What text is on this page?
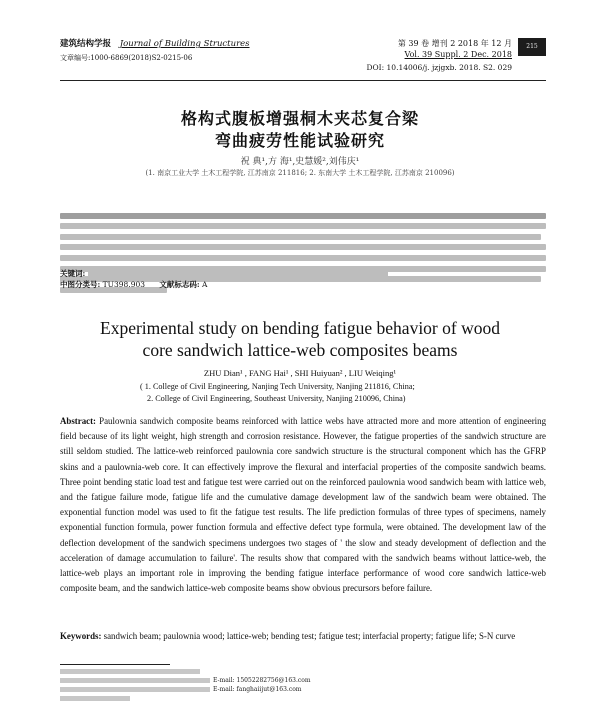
建筑结构学报 Journal of Building Structures
文章编号:1000-6869(2018)S2-0215-06
第 39 卷 增刊 2 2018 年 12 月
Vol. 39 Suppl. 2 Dec. 2018
DOI: 10.14006/j. jzjgxb. 2018. S2. 029
215
格构式腹板增强桐木夹芯复合梁
弯曲疲劳性能试验研究
祝 典¹,方 海¹,史慧媛²,刘伟庆¹
(1. 南京工业大学 土木工程学院, 江苏南京 211816; 2. 东南大学 土木工程学院, 江苏南京 210096)
关键词:
中图分类号: TU398.903 文献标志码: A
Experimental study on bending fatigue behavior of wood
core sandwich lattice-web composites beams
ZHU Dian¹ , FANG Hai¹ , SHI Huiyuan² , LIU Weiqing¹
( 1. College of Civil Engineering, Nanjing Tech University, Nanjing 211816, China;
2. College of Civil Engineering, Southeast University, Nanjing 210096, China)
Abstract: Paulownia sandwich composite beams reinforced with lattice webs have attracted more and more attention of engineering field because of its light weight, high strength and corrosion resistance. However, the fatigue properties of the sandwich structure are still seldom studied. The lattice-web reinforced paulownia core sandwich structure is the structural component which has the GFRP skins and a paulownia-web core. It can effectively improve the flexural and interfacial properties of the composite sandwich beams. Three point bending static load test and fatigue test were carried out on the reinforced paulownia wood sandwich beam with lattice web, and the fatigue failure mode, fatigue life and the cumulative damage development law of the sandwich beam were obtained. The exponential function model was used to fit the fatigue test results. The life prediction formulas of three types of specimens, namely exponential function formula, power function formula and effective defect type formula, were obtained. The development law of the deflection development of the sandwich specimens undergoes two stages of ' the slow and steady development of deflection and the acceleration of damage accumulation to failure'. The results show that compared with the sandwich beams without lattice-web, the lattice-web plays an important role in improving the bending fatigue interface performance of wood core sandwich lattice-web composite beam, and the sandwich lattice-web composite beams show obvious precursors before failure.
Keywords: sandwich beam; paulownia wood; lattice-web; bending test; fatigue test; interfacial property; fatigue life; S-N curve
E-mail: 15052282756@163.com
E-mail: fanghaiijut@163.com
